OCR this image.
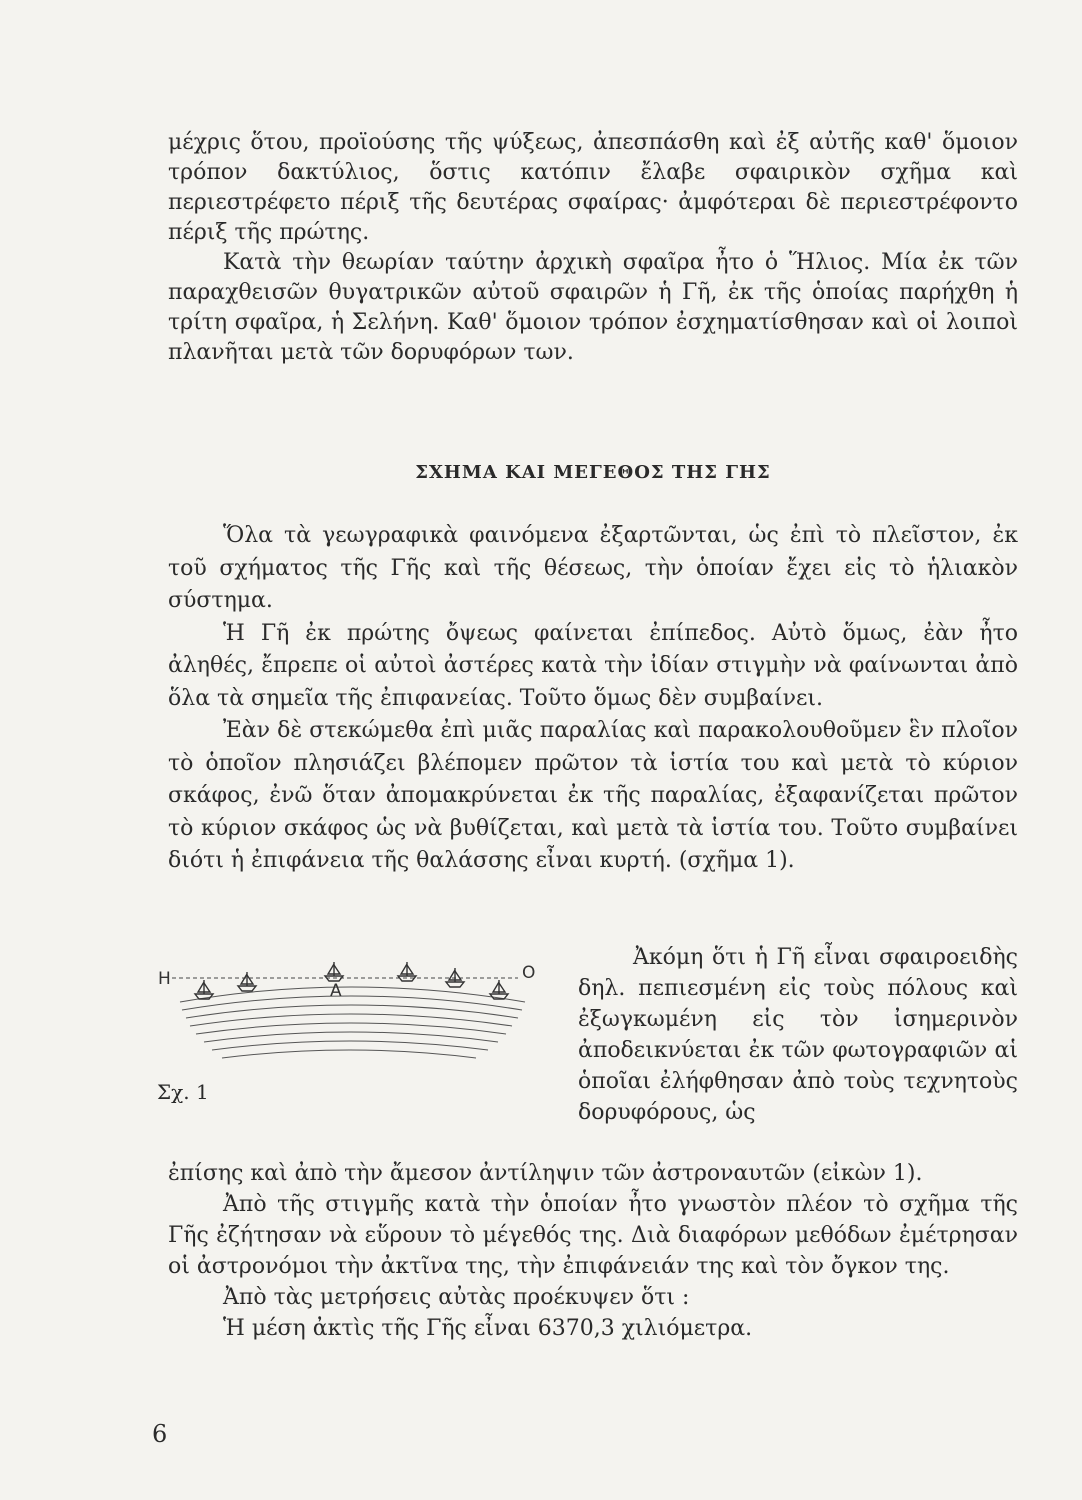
μέχρις ὅτου, προϊούσης τῆς ψύξεως, ἀπεσπάσθη καὶ ἐξ αὐτῆς καθ' ὅμοιον τρόπον δακτύλιος, ὅστις κατόπιν ἔλαβε σφαιρικὸν σχῆμα καὶ περιεστρέφετο πέριξ τῆς δευτέρας σφαίρας· ἀμφότεραι δὲ περιεστρέφοντο πέριξ τῆς πρώτης.

Κατὰ τὴν θεωρίαν ταύτην ἀρχικὴ σφαῖρα ἦτο ὁ Ἥλιος. Μία ἐκ τῶν παραχθεισῶν θυγατρικῶν αὐτοῦ σφαιρῶν ἡ Γῆ, ἐκ τῆς ὁποίας παρήχθη ἡ τρίτη σφαῖρα, ἡ Σελήνη. Καθ' ὅμοιον τρόπον ἐσχηματίσθησαν καὶ οἱ λοιποὶ πλανῆται μετὰ τῶν δορυφόρων των.

ΣΧΗΜΑ ΚΑΙ ΜΕΓΕΘΟΣ ΤΗΣ ΓΗΣ

Ὅλα τὰ γεωγραφικὰ φαινόμενα ἐξαρτῶνται, ὡς ἐπὶ τὸ πλεῖστον, ἐκ τοῦ σχήματος τῆς Γῆς καὶ τῆς θέσεως, τὴν ὁποίαν ἔχει εἰς τὸ ἡλιακὸν σύστημα.

Ἡ Γῆ ἐκ πρώτης ὄψεως φαίνεται ἐπίπεδος. Αὐτὸ ὅμως, ἐὰν ἦτο ἀληθές, ἔπρεπε οἱ αὐτοὶ ἀστέρες κατὰ τὴν ἰδίαν στιγμὴν νὰ φαίνωνται ἀπὸ ὅλα τὰ σημεῖα τῆς ἐπιφανείας. Τοῦτο ὅμως δὲν συμβαίνει.

Ἐὰν δὲ στεκώμεθα ἐπὶ μιᾶς παραλίας καὶ παρακολουθοῦμεν ἓν πλοῖον τὸ ὁποῖον πλησιάζει βλέπομεν πρῶτον τὰ ἱστία του καὶ μετὰ τὸ κύριον σκάφος, ἐνῶ ὅταν ἀπομακρύνεται ἐκ τῆς παραλίας, ἐξαφανίζεται πρῶτον τὸ κύριον σκάφος ὡς νὰ βυθίζεται, καὶ μετὰ τὰ ἱστία του. Τοῦτο συμβαίνει διότι ἡ ἐπιφάνεια τῆς θαλάσσης εἶναι κυρτή. (σχῆμα 1).

Η
Α
Ο
Σχ. 1

Ἀκόμη ὅτι ἡ Γῆ εἶναι σφαιροειδὴς δηλ. πεπιεσμένη εἰς τοὺς πόλους καὶ ἐξωγκωμένη εἰς τὸν ἰσημερινὸν ἀποδεικνύεται ἐκ τῶν φωτογραφιῶν αἱ ὁποῖαι ἐλήφθησαν ἀπὸ τοὺς τεχνητοὺς δορυφόρους, ὡς

ἐπίσης καὶ ἀπὸ τὴν ἄμεσον ἀντίληψιν τῶν ἀστροναυτῶν (εἰκὼν 1).

Ἀπὸ τῆς στιγμῆς κατὰ τὴν ὁποίαν ἦτο γνωστὸν πλέον τὸ σχῆμα τῆς Γῆς ἐζήτησαν νὰ εὕρουν τὸ μέγεθός της. Διὰ διαφόρων μεθόδων ἐμέτρησαν οἱ ἀστρονόμοι τὴν ἀκτῖνα της, τὴν ἐπιφάνειάν της καὶ τὸν ὄγκον της.

Ἀπὸ τὰς μετρήσεις αὐτὰς προέκυψεν ὅτι :

Ἡ μέση ἀκτὶς τῆς Γῆς εἶναι 6370,3 χιλιόμετρα.

6
